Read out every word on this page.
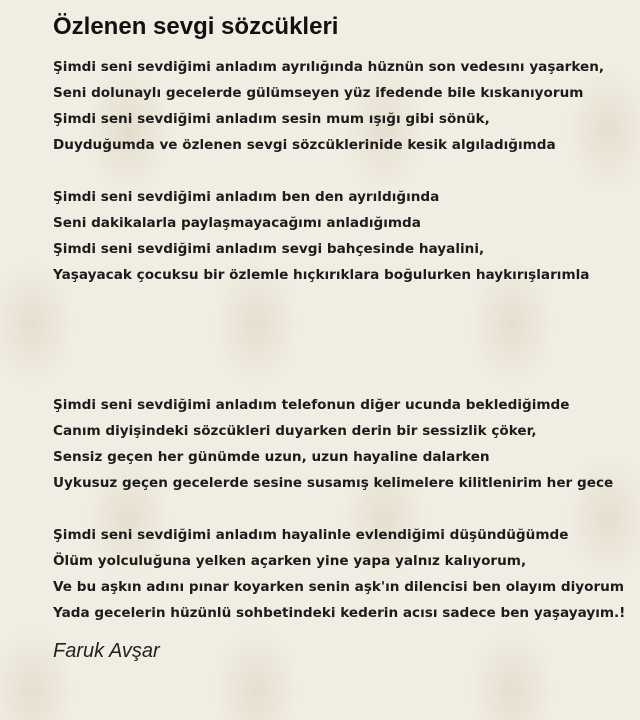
Özlenen sevgi sözcükleri
Şimdi seni sevdiğimi anladım ayrılığında hüznün son vedesını yaşarken,
Seni dolunaylı gecelerde gülümseyen yüz ifedende bile kıskanıyorum
Şimdi seni sevdiğimi anladım sesin mum ışığı gibi sönük,
Duyduğumda ve özlenen sevgi sözcüklerinide kesik algıladığımda
Şimdi seni sevdiğimi anladım ben den ayrıldığında
Seni dakikalarla paylaşmayacağımı anladığımda
Şimdi seni sevdiğimi anladım sevgi bahçesinde hayalini,
Yaşayacak çocuksu bir özlemle hıçkırıklara boğulurken haykırışlarımla
Şimdi seni sevdiğimi anladım telefonun diğer ucunda beklediğimde
Canım diyişindeki sözcükleri duyarken derin bir sessizlik çöker,
Sensiz geçen her günümde uzun, uzun hayaline dalarken
Uykusuz geçen gecelerde sesine susamış kelimelere kilitlenirim her gece
Şimdi seni sevdiğimi anladım hayalinle evlendiğimi düşündüğümde
Ölüm yolculuğuna yelken açarken yine yapa yalnız kalıyorum,
Ve bu aşkın adını pınar koyarken senin aşk'ın dilencisi ben olayım diyorum
Yada gecelerin hüzünlü sohbetindeki kederin acısı sadece ben yaşayayım.!
Faruk Avşar
